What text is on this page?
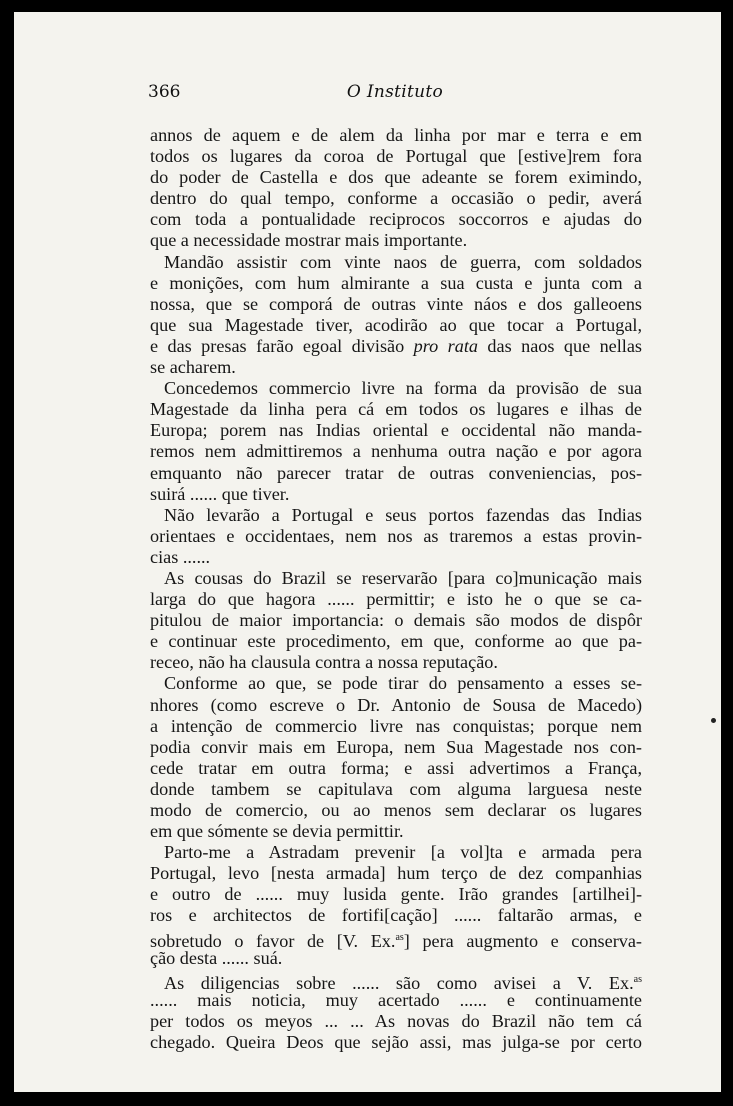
366	O Instituto
annos de aquem e de alem da linha por mar e terra e em
todos os lugares da coroa de Portugal que [estive]rem fora
do poder de Castella e dos que adeante se forem eximindo,
dentro do qual tempo, conforme a occasião o pedir, averá
com toda a pontualidade reciprocos soccorros e ajudas do
que a necessidade mostrar mais importante.
Mandão assistir com vinte naos de guerra, com soldados
e monições, com hum almirante a sua custa e junta com a
nossa, que se comporá de outras vinte náos e dos galleoens
que sua Magestade tiver, acodirão ao que tocar a Portugal,
e das presas farão egoal divisão pro rata das naos que nellas
se acharem.
Concedemos commercio livre na forma da provisão de sua
Magestade da linha pera cá em todos os lugares e ilhas de
Europa; porem nas Indias oriental e occidental não manda-
remos nem admittiremos a nenhuma outra nação e por agora
emquanto não parecer tratar de outras conveniencias, pos-
suirá ...... que tiver.
Não levarão a Portugal e seus portos fazendas das Indias
orientaes e occidentaes, nem nos as traremos a estas provin-
cias ......
As cousas do Brazil se reservarão [para co]municação mais
larga do que hagora ...... permittir; e isto he o que se ca-
pitulou de maior importancia: o demais são modos de dispôr
e continuar este procedimento, em que, conforme ao que pa-
receo, não ha clausula contra a nossa reputação.
Conforme ao que, se pode tirar do pensamento a esses se-
nhores (como escreve o Dr. Antonio de Sousa de Macedo)
a intenção de commercio livre nas conquistas; porque nem
podia convir mais em Europa, nem Sua Magestade nos con-
cede tratar em outra forma; e assi advertimos a França,
donde tambem se capitulava com alguma larguesa neste
modo de comercio, ou ao menos sem declarar os lugares
em que sómente se devia permittir.
Parto-me a Astradam prevenir [a vol]ta e armada pera
Portugal, levo [nesta armada] hum terço de dez companhias
e outro de ...... muy lusida gente. Irão grandes [artilhei]-
ros e architectos de fortifi[cação] ...... faltarão armas, e
sobretudo o favor de [V. Ex.$^{as}$] pera augmento e conserva-
ção desta ...... suá.
As diligencias sobre ...... são como avisei a V. Ex.$^{as}$
...... mais noticia, muy acertado ...... e continuamente
per todos os meyos ... ... As novas do Brazil não tem cá
chegado. Queira Deos que sejão assi, mas julga-se por certo
